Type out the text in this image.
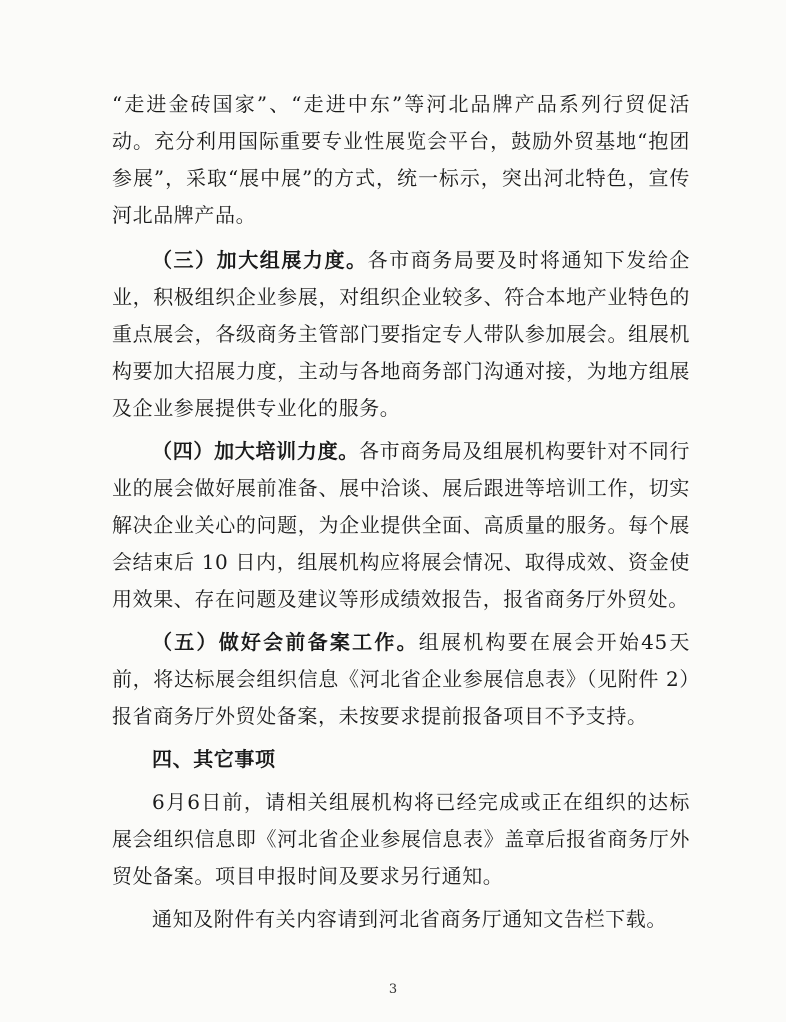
“走进金砖国家”、“走进中东”等河北品牌产品系列行贸促活动。充分利用国际重要专业性展览会平台，鼓励外贸基地“抱团参展”，采取“展中展”的方式，统一标示，突出河北特色，宣传河北品牌产品。

（三）加大组展力度。各市商务局要及时将通知下发给企业，积极组织企业参展，对组织企业较多、符合本地产业特色的重点展会，各级商务主管部门要指定专人带队参加展会。组展机构要加大招展力度，主动与各地商务部门沟通对接，为地方组展及企业参展提供专业化的服务。

（四）加大培训力度。各市商务局及组展机构要针对不同行业的展会做好展前准备、展中洽谈、展后跟进等培训工作，切实解决企业关心的问题，为企业提供全面、高质量的服务。每个展会结束后 10 日内，组展机构应将展会情况、取得成效、资金使用效果、存在问题及建议等形成绩效报告，报省商务厅外贸处。

（五）做好会前备案工作。组展机构要在展会开始45天前，将达标展会组织信息《河北省企业参展信息表》（见附件 2）报省商务厅外贸处备案，未按要求提前报备项目不予支持。

四、其它事项

6月6日前，请相关组展机构将已经完成或正在组织的达标展会组织信息即《河北省企业参展信息表》盖章后报省商务厅外贸处备案。项目申报时间及要求另行通知。

通知及附件有关内容请到河北省商务厅通知文告栏下载。

3
